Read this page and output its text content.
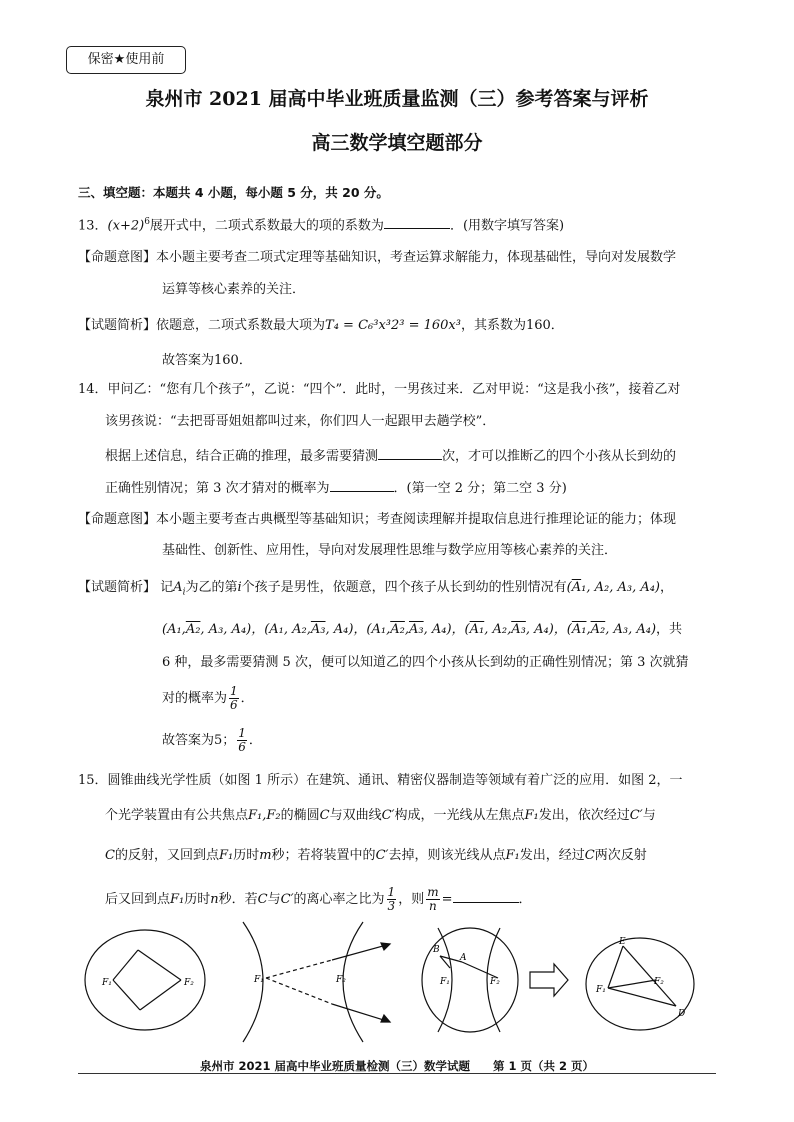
保密★使用前
泉州市 2021 届高中毕业班质量监测（三）参考答案与评析
高三数学填空题部分
三、填空题：本题共 4 小题，每小题 5 分，共 20 分。
13．$(x+2)^6$展开式中，二项式系数最大的项的系数为	．(用数字填写答案)
【命题意图】本小题主要考查二项式定理等基础知识，考查运算求解能力，体现基础性，导向对发展数学
运算等核心素养的关注．
【试题简析】依题意，二项式系数最大项为T₄ = C₆³x³2³ = 160x³，其系数为160．
故答案为160．
14．甲问乙：“您有几个孩子”，乙说：“四个”．此时，一男孩过来．乙对甲说：“这是我小孩”，接着乙对
该男孩说：“去把哥哥姐姐都叫过来，你们四人一起跟甲去趟学校”．
根据上述信息，结合正确的推理，最多需要猜测	次，才可以推断乙的四个小孩从长到幼的
正确性别情况；第 3 次才猜对的概率为	．(第一空 2 分；第二空 3 分)
【命题意图】本小题主要考查古典概型等基础知识；考查阅读理解并提取信息进行推理论证的能力；体现
基础性、创新性、应用性，导向对发展理性思维与数学应用等核心素养的关注．
【试题简析】 记$A_i$为乙的第i个孩子是男性，依题意，四个孩子从长到幼的性别情况有($\overline{A}_1$, A₂, A₃, A₄)，
(A₁,A₂, A₃, A₄)，(A₁, A₂,A₃, A₄)，(A₁,A₂,A₃, A₄)，(A₁, A₂,A₃, A₄)，(A₁,A₂, A₃, A₄)，共
6 种，最多需要猜测 5 次，便可以知道乙的四个小孩从长到幼的正确性别情况；第 3 次就猜
对的概率为 $\frac{1}{6}$ ．
故答案为5； $\frac{1}{6}$ ．
15．圆锥曲线光学性质（如图 1 所示）在建筑、通讯、精密仪器制造等领域有着广泛的应用．如图 2，一
个光学装置由有公共焦点F₁,F₂的椭圆C与双曲线C′构成，一光线从左焦点F₁发出，依次经过C′与
C的反射，又回到点F₁历时m秒；若将装置中的C′去掉，则该光线从点F₁发出，经过C两次反射
后又回到点F₁历时n秒．若C与C′的离心率之比为 $\frac{1}{3}$ ，则 $\frac{m}{n}$ =	．
F₁	F₂	F₁	F₂
B
A
F₁	F₂
E
F₁
F₂
D
泉州市 2021 届高中毕业班质量检测（三）数学试题　　第 1 页（共 2 页）
